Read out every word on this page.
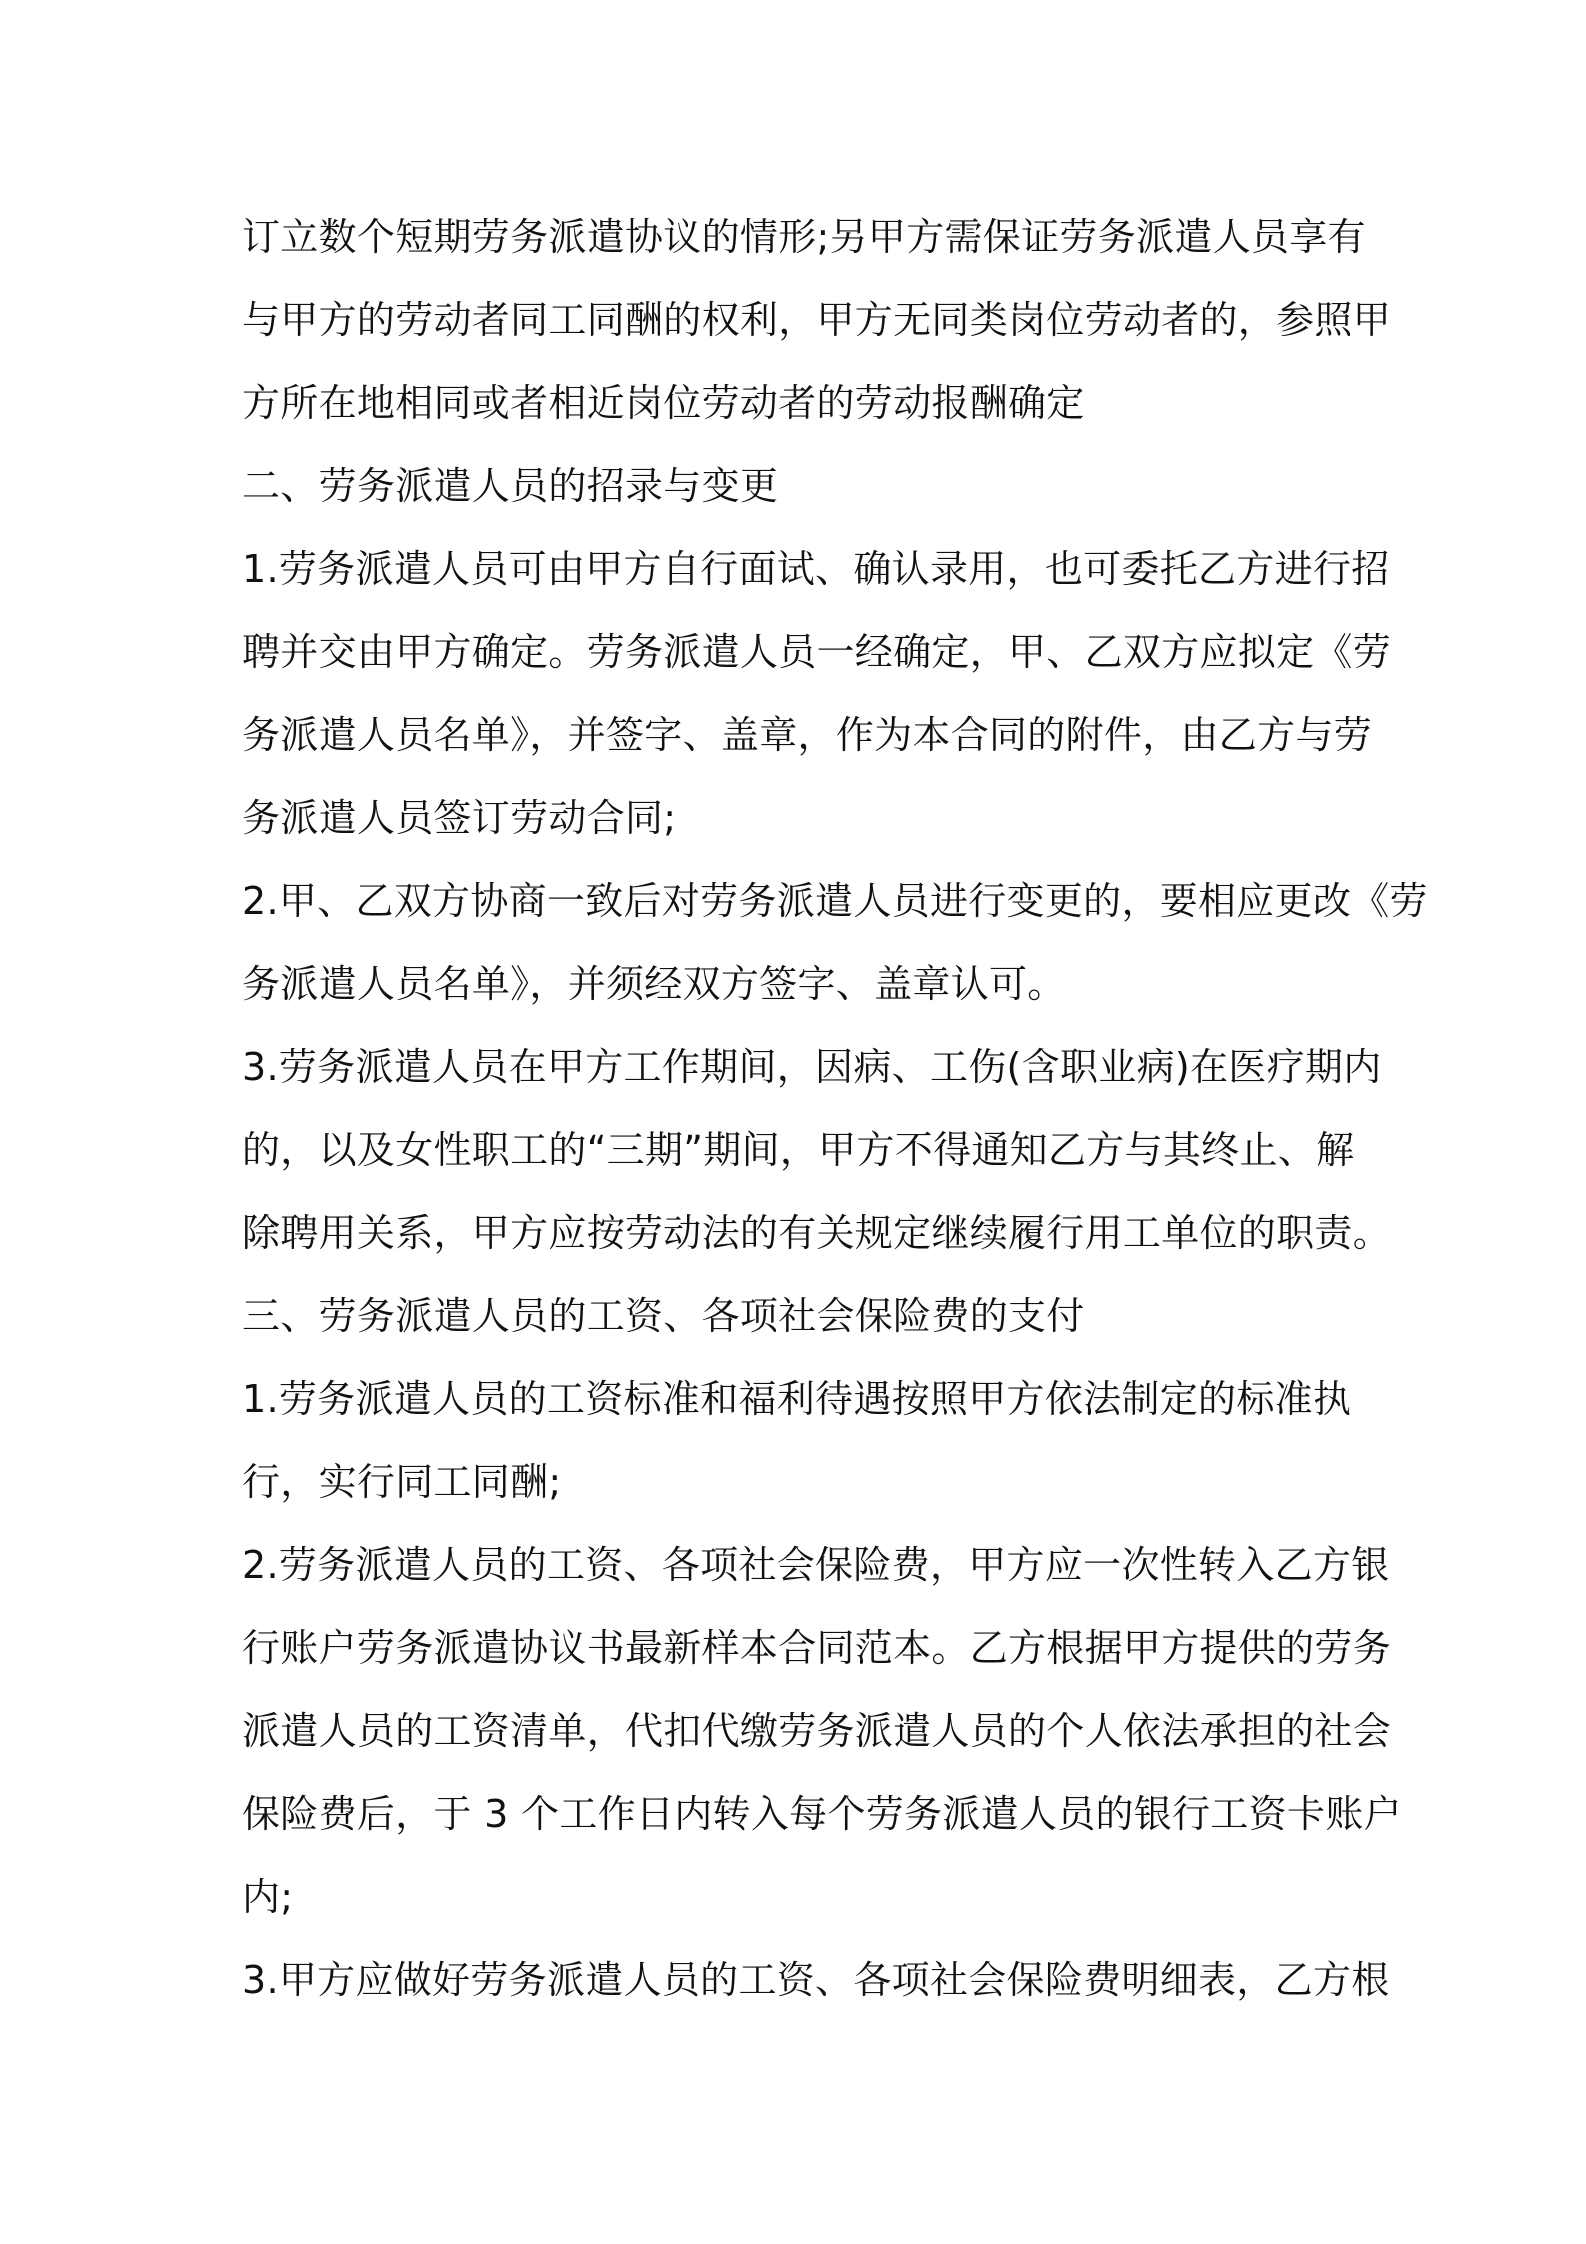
订立数个短期劳务派遣协议的情形;另甲方需保证劳务派遣人员享有
与甲方的劳动者同工同酬的权利，甲方无同类岗位劳动者的，参照甲
方所在地相同或者相近岗位劳动者的劳动报酬确定
二、劳务派遣人员的招录与变更
1.劳务派遣人员可由甲方自行面试、确认录用，也可委托乙方进行招
聘并交由甲方确定。劳务派遣人员一经确定，甲、乙双方应拟定《劳
务派遣人员名单》，并签字、盖章，作为本合同的附件，由乙方与劳
务派遣人员签订劳动合同;
2.甲、乙双方协商一致后对劳务派遣人员进行变更的，要相应更改《劳
务派遣人员名单》，并须经双方签字、盖章认可。
3.劳务派遣人员在甲方工作期间，因病、工伤(含职业病)在医疗期内
的，以及女性职工的“三期”期间，甲方不得通知乙方与其终止、解
除聘用关系，甲方应按劳动法的有关规定继续履行用工单位的职责。
三、劳务派遣人员的工资、各项社会保险费的支付
1.劳务派遣人员的工资标准和福利待遇按照甲方依法制定的标准执
行，实行同工同酬;
2.劳务派遣人员的工资、各项社会保险费，甲方应一次性转入乙方银
行账户劳务派遣协议书最新样本合同范本。乙方根据甲方提供的劳务
派遣人员的工资清单，代扣代缴劳务派遣人员的个人依法承担的社会
保险费后，于 3 个工作日内转入每个劳务派遣人员的银行工资卡账户
内;
3.甲方应做好劳务派遣人员的工资、各项社会保险费明细表，乙方根
